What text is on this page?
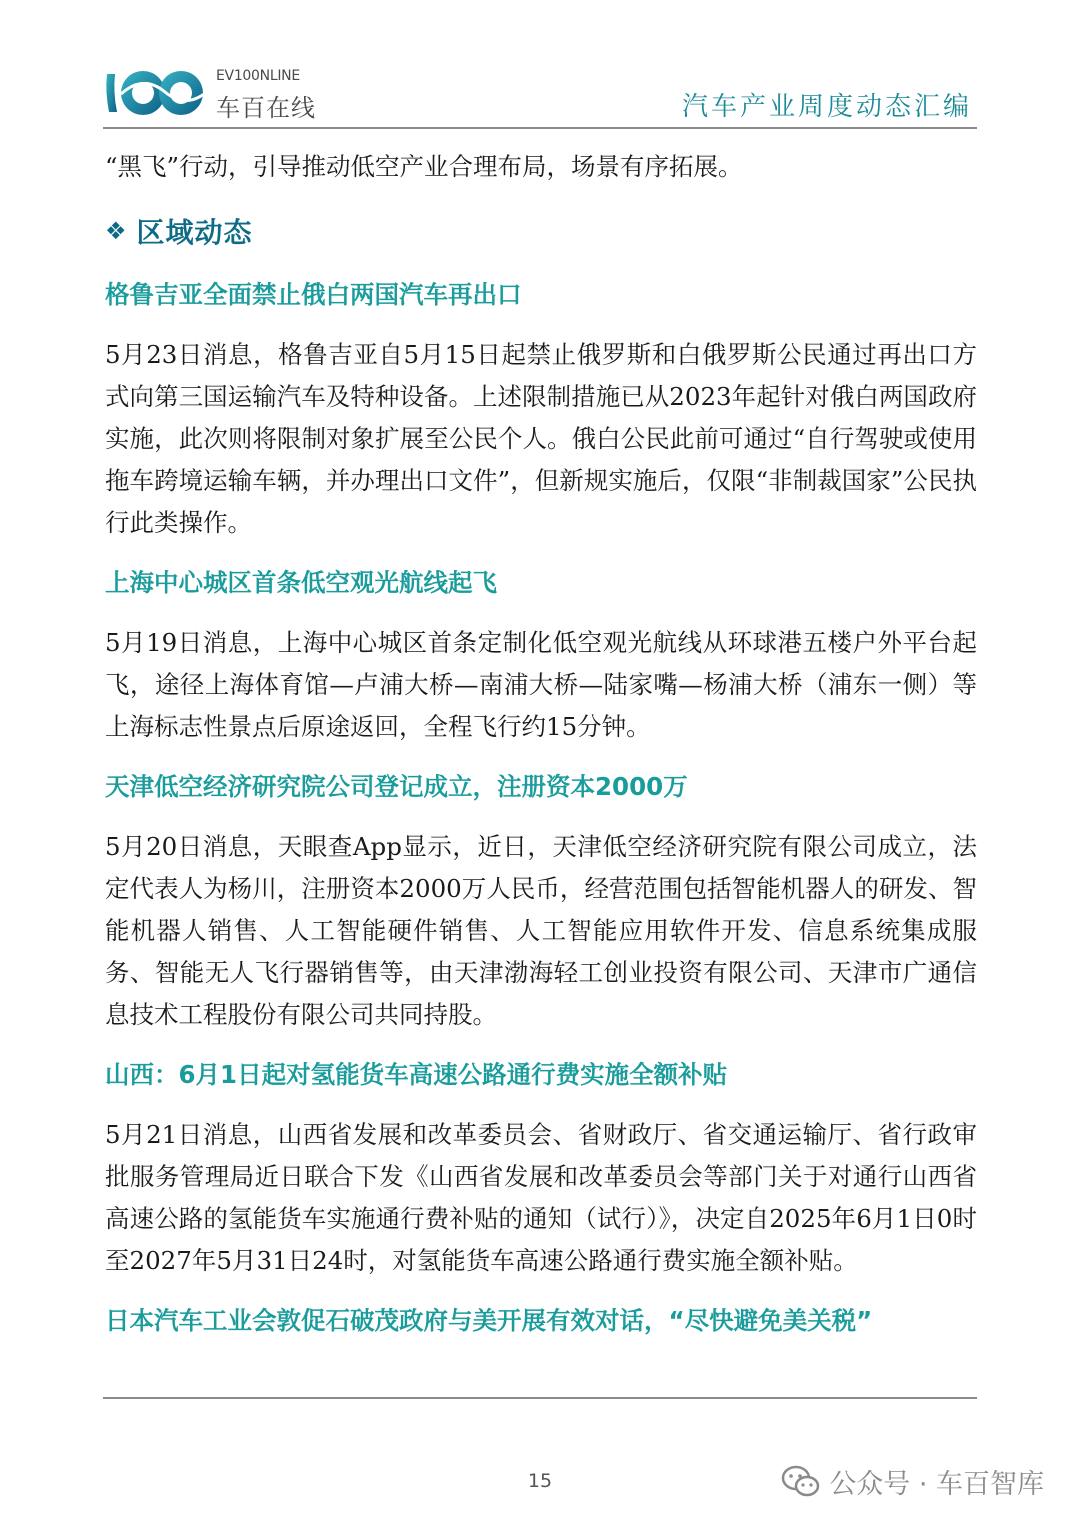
EV100NLINE
车百在线	汽车产业周度动态汇编

“黑飞”行动，引导推动低空产业合理布局，场景有序拓展。

❖ 区域动态

格鲁吉亚全面禁止俄白两国汽车再出口

5月23日消息，格鲁吉亚自5月15日起禁止俄罗斯和白俄罗斯公民通过再出口方式向第三国运输汽车及特种设备。上述限制措施已从2023年起针对俄白两国政府实施，此次则将限制对象扩展至公民个人。俄白公民此前可通过“自行驾驶或使用拖车跨境运输车辆，并办理出口文件”，但新规实施后，仅限“非制裁国家”公民执行此类操作。

上海中心城区首条低空观光航线起飞

5月19日消息，上海中心城区首条定制化低空观光航线从环球港五楼户外平台起飞，途径上海体育馆—卢浦大桥—南浦大桥—陆家嘴—杨浦大桥（浦东一侧）等上海标志性景点后原途返回，全程飞行约15分钟。

天津低空经济研究院公司登记成立，注册资本2000万

5月20日消息，天眼查App显示，近日，天津低空经济研究院有限公司成立，法定代表人为杨川，注册资本2000万人民币，经营范围包括智能机器人的研发、智能机器人销售、人工智能硬件销售、人工智能应用软件开发、信息系统集成服务、智能无人飞行器销售等，由天津渤海轻工创业投资有限公司、天津市广通信息技术工程股份有限公司共同持股。

山西：6月1日起对氢能货车高速公路通行费实施全额补贴

5月21日消息，山西省发展和改革委员会、省财政厅、省交通运输厅、省行政审批服务管理局近日联合下发《山西省发展和改革委员会等部门关于对通行山西省高速公路的氢能货车实施通行费补贴的通知（试行）》，决定自2025年6月1日0时至2027年5月31日24时，对氢能货车高速公路通行费实施全额补贴。

日本汽车工业会敦促石破茂政府与美开展有效对话，“尽快避免美关税”

15	公众号 · 车百智库
